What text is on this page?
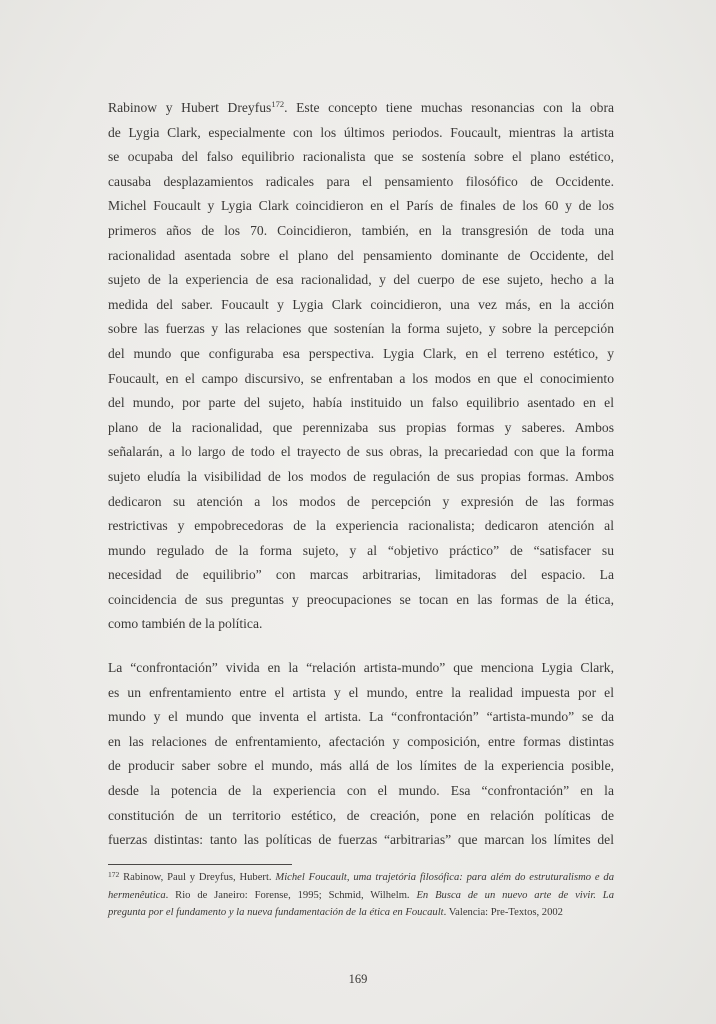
Rabinow y Hubert Dreyfus$^{172}$. Este concepto tiene muchas resonancias con la obra
de Lygia Clark, especialmente con los últimos periodos. Foucault, mientras la artista
se ocupaba del falso equilibrio racionalista que se sostenía sobre el plano estético,
causaba desplazamientos radicales para el pensamiento filosófico de Occidente.
Michel Foucault y Lygia Clark coincidieron en el París de finales de los 60 y de los
primeros años de los 70. Coincidieron, también, en la transgresión de toda una
racionalidad asentada sobre el plano del pensamiento dominante de Occidente, del
sujeto de la experiencia de esa racionalidad, y del cuerpo de ese sujeto, hecho a la
medida del saber. Foucault y Lygia Clark coincidieron, una vez más, en la acción
sobre las fuerzas y las relaciones que sostenían la forma sujeto, y sobre la percepción
del mundo que configuraba esa perspectiva. Lygia Clark, en el terreno estético, y
Foucault, en el campo discursivo, se enfrentaban a los modos en que el conocimiento
del mundo, por parte del sujeto, había instituido un falso equilibrio asentado en el
plano de la racionalidad, que perennizaba sus propias formas y saberes. Ambos
señalarán, a lo largo de todo el trayecto de sus obras, la precariedad con que la forma
sujeto eludía la visibilidad de los modos de regulación de sus propias formas. Ambos
dedicaron su atención a los modos de percepción y expresión de las formas
restrictivas y empobrecedoras de la experiencia racionalista; dedicaron atención al
mundo regulado de la forma sujeto, y al “objetivo práctico” de “satisfacer su
necesidad de equilibrio” con marcas arbitrarias, limitadoras del espacio. La
coincidencia de sus preguntas y preocupaciones se tocan en las formas de la ética,
como también de la política.

La “confrontación” vivida en la “relación artista-mundo” que menciona Lygia Clark,
es un enfrentamiento entre el artista y el mundo, entre la realidad impuesta por el
mundo y el mundo que inventa el artista. La “confrontación” “artista-mundo” se da
en las relaciones de enfrentamiento, afectación y composición, entre formas distintas
de producir saber sobre el mundo, más allá de los límites de la experiencia posible,
desde la potencia de la experiencia con el mundo. Esa “confrontación” en la
constitución de un territorio estético, de creación, pone en relación políticas de
fuerzas distintas: tanto las políticas de fuerzas “arbitrarias” que marcan los límites del

$^{172}$ Rabinow, Paul y Dreyfus, Hubert. Michel Foucault, uma trajetória filosófica: para além do estruturalismo e da
hermenêutica. Rio de Janeiro: Forense, 1995; Schmid, Wilhelm. En Busca de un nuevo arte de vivir. La
pregunta por el fundamento y la nueva fundamentación de la ética en Foucault. Valencia: Pre-Textos, 2002
169
